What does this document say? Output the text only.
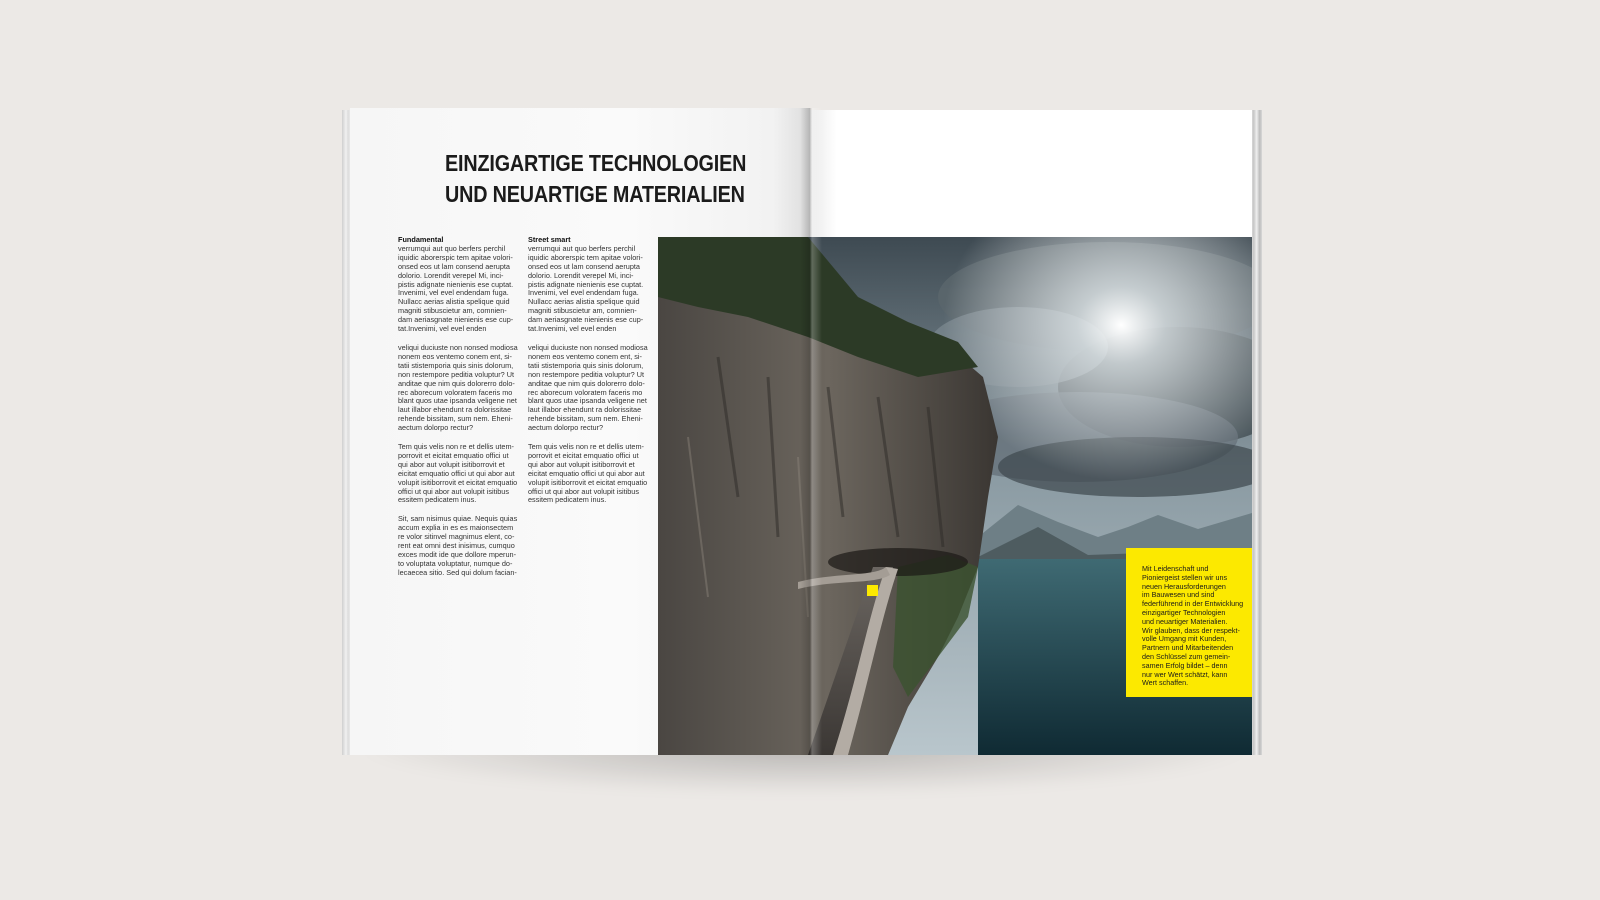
EINZIGARTIGE TECHNOLOGIEN
UND NEUARTIGE MATERIALIEN
Fundamental

verrumqui aut quo berfers perchil
iquidic aborerspic tem apitae volori-
onsed eos ut lam consend aerupta
dolorio. Lorendit verepel Mi, inci-
pistis adignate nienienis ese cuptat.
Invenimi, vel evel endendam fuga.
Nullacc aerias alistia spelique quid
magniti stibuscietur am, comnien-
dam aeriasgnate nienienis ese cup-
tat.Invenimi, vel evel enden

veliqui duciuste non nonsed modiosa
nonem eos ventemo conem ent, si-
tatii stistemporia quis sinis dolorum,
non restempore peditia voluptur? Ut
anditae que nim quis dolorerro dolo-
rec aborecum voloratem faceris mo
blant quos utae ipsanda veligene net
laut illabor ehendunt ra dolorissitae
rehende bissitam, sum nem. Eheni-
aectum dolorpo rectur?

Tem quis velis non re et dellis utem-
porrovit et eicitat emquatio offici ut
qui abor aut volupit isitiborrovit et
eicitat emquatio offici ut qui abor aut
volupit isitiborrovit et eicitat emquatio
offici ut qui abor aut volupit isitibus
essitem pedicatem inus.

Sit, sam nisimus quiae. Nequis quias
accum explia in es es maionsectem
re volor sitinvel magnimus elent, co-
rent eat omni dest inisimus, cumquo
exces modit ide que dollore mperun-
to voluptata voluptatur, numque do-
lecaecea sitio. Sed qui dolum facian-

Street smart

verrumqui aut quo berfers perchil
iquidic aborerspic tem apitae volori-
onsed eos ut lam consend aerupta
dolorio. Lorendit verepel Mi, inci-
pistis adignate nienienis ese cuptat.
Invenimi, vel evel endendam fuga.
Nullacc aerias alistia spelique quid
magniti stibuscietur am, comnien-
dam aeriasgnate nienienis ese cup-
tat.Invenimi, vel evel enden

veliqui duciuste non nonsed modiosa
nonem eos ventemo conem ent, si-
tatii stistemporia quis sinis dolorum,
non restempore peditia voluptur? Ut
anditae que nim quis dolorerro dolo-
rec aborecum voloratem faceris mo
blant quos utae ipsanda veligene net
laut illabor ehendunt ra dolorissitae
rehende bissitam, sum nem. Eheni-
aectum dolorpo rectur?

Tem quis velis non re et dellis utem-
porrovit et eicitat emquatio offici ut
qui abor aut volupit isitiborrovit et
eicitat emquatio offici ut qui abor aut
volupit isitiborrovit et eicitat emquatio
offici ut qui abor aut volupit isitibus
essitem pedicatem inus.

Mit Leidenschaft und
Pioniergeist stellen wir uns
neuen Herausforderungen
im Bauwesen und sind
federführend in der Entwicklung
einzigartiger Technologien
und neuartiger Materialien.
Wir glauben, dass der respekt-
volle Umgang mit Kunden,
Partnern und Mitarbeitenden
den Schlüssel zum gemein-
samen Erfolg bildet – denn
nur wer Wert schätzt, kann
Wert schaffen.
